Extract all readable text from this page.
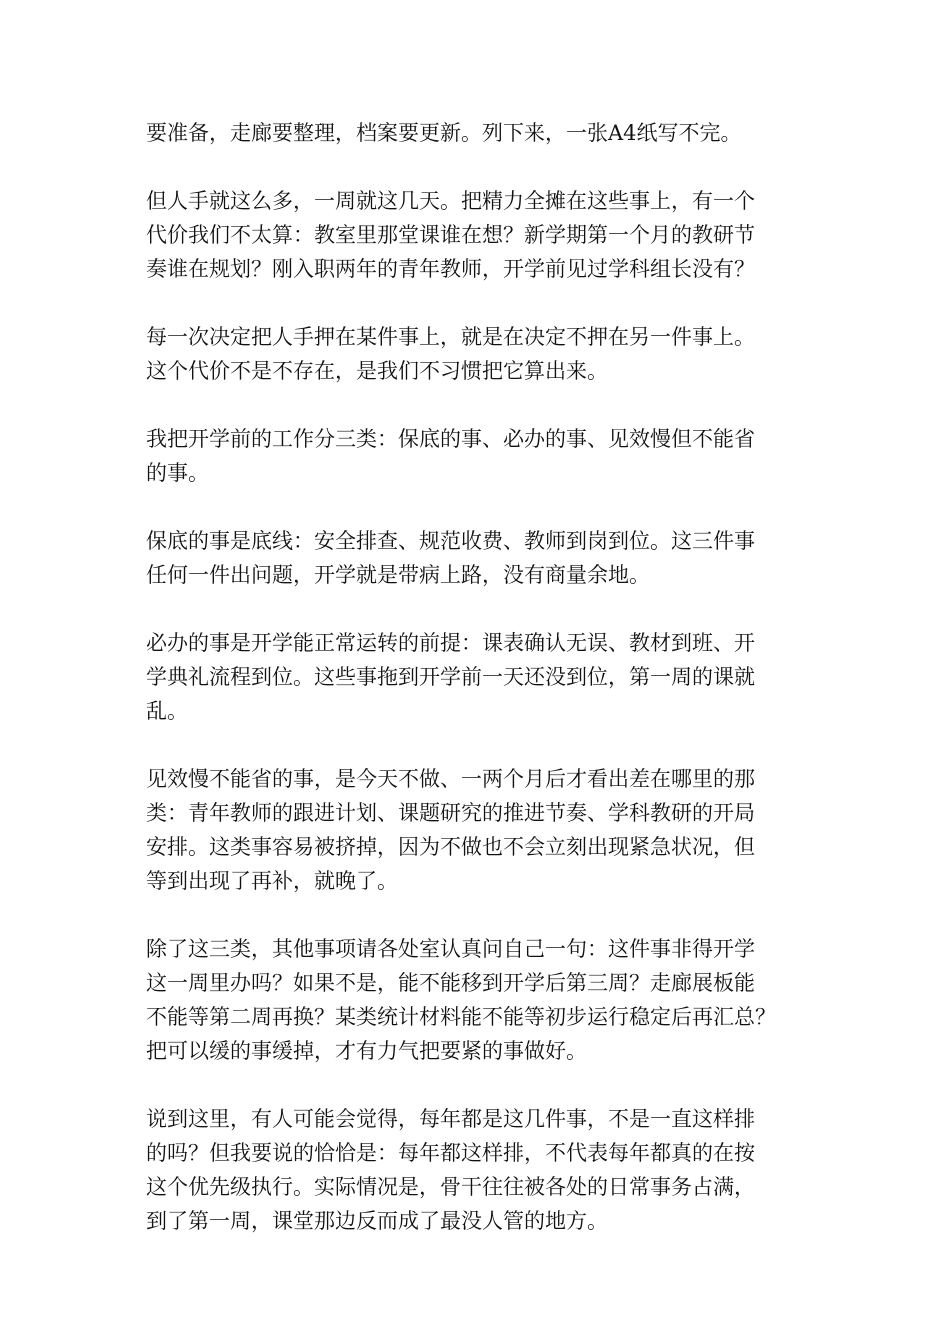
要准备，走廊要整理，档案要更新。列下来，一张A4纸写不完。

但人手就这么多，一周就这几天。把精力全摊在这些事上，有一个
代价我们不太算：教室里那堂课谁在想？新学期第一个月的教研节
奏谁在规划？刚入职两年的青年教师，开学前见过学科组长没有？

每一次决定把人手押在某件事上，就是在决定不押在另一件事上。
这个代价不是不存在，是我们不习惯把它算出来。

我把开学前的工作分三类：保底的事、必办的事、见效慢但不能省
的事。

保底的事是底线：安全排查、规范收费、教师到岗到位。这三件事
任何一件出问题，开学就是带病上路，没有商量余地。

必办的事是开学能正常运转的前提：课表确认无误、教材到班、开
学典礼流程到位。这些事拖到开学前一天还没到位，第一周的课就
乱。

见效慢不能省的事，是今天不做、一两个月后才看出差在哪里的那
类：青年教师的跟进计划、课题研究的推进节奏、学科教研的开局
安排。这类事容易被挤掉，因为不做也不会立刻出现紧急状况，但
等到出现了再补，就晚了。

除了这三类，其他事项请各处室认真问自己一句：这件事非得开学
这一周里办吗？如果不是，能不能移到开学后第三周？走廊展板能
不能等第二周再换？某类统计材料能不能等初步运行稳定后再汇总？
把可以缓的事缓掉，才有力气把要紧的事做好。

说到这里，有人可能会觉得，每年都是这几件事，不是一直这样排
的吗？但我要说的恰恰是：每年都这样排，不代表每年都真的在按
这个优先级执行。实际情况是，骨干往往被各处的日常事务占满，
到了第一周，课堂那边反而成了最没人管的地方。
